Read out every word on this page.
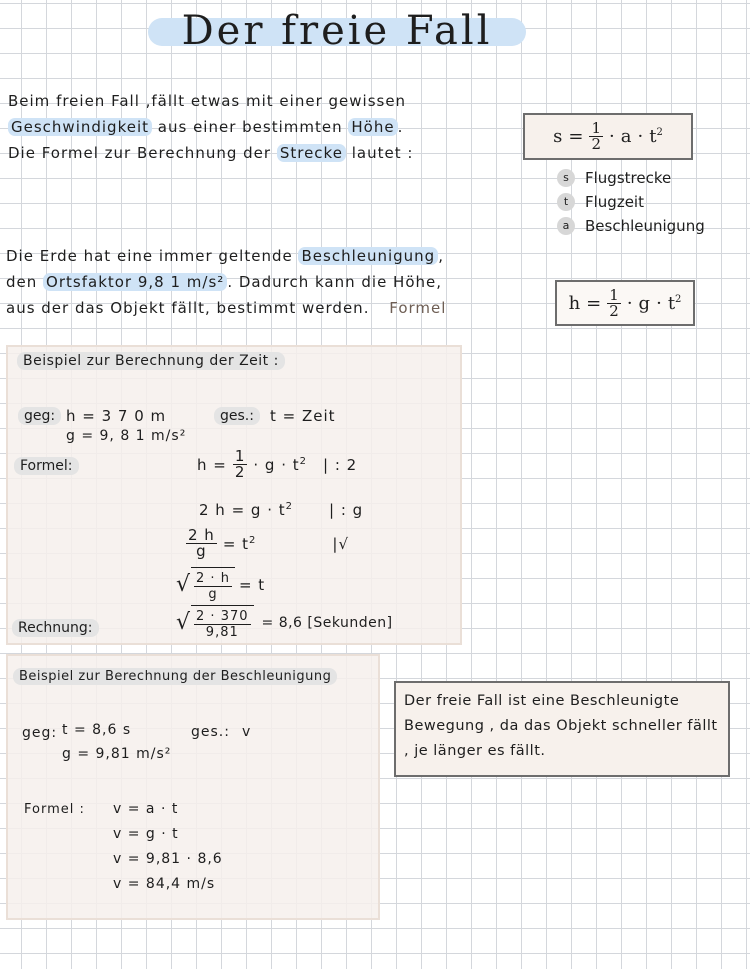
Der freie Fall
Beim freien Fall ,fällt etwas mit einer gewissen
Geschwindigkeit aus einer bestimmten Höhe .
Die Formel zur Berechnung der Strecke lautet :
$s = \frac{1}{2} \cdot a \cdot t^2$
s	Flugstrecke
t	Flugzeit
a	Beschleunigung
Die Erde hat eine immer geltende Beschleunigung ,
den Ortsfaktor 9,8 1 m/s² . Dadurch kann die Höhe,
aus der das Objekt fällt, bestimmt werden. Formel	$h = \frac{1}{2} \cdot g \cdot t^2$
Beispiel zur Berechnung der Zeit :
geg: h = 3 7 0 m
g = 9, 8 1 m/s²
ges.:	t = Zeit
Formel:	$h = \frac{1}{2} \cdot g \cdot t^2$ | : 2
2 $h = g \cdot t^2$ | : g
$\frac{2 h}{g} = t^2$	|√
√ $\frac{2 \cdot h}{g} = t$
Rechnung:	√ $\frac{2 \cdot 370}{9,81} = 8,6$ [Sekunden]
Beispiel zur Berechnung der Beschleunigung
geg: t = 8,6 s
g = 9,81 m/s²
ges.: v
Formel : v = a · t
v = g · t
v = 9,81 · 8,6
v = 84,4 m/s
Der freie Fall ist eine Beschleunigte Bewegung , da das Objekt schneller fällt , je länger es fällt.
